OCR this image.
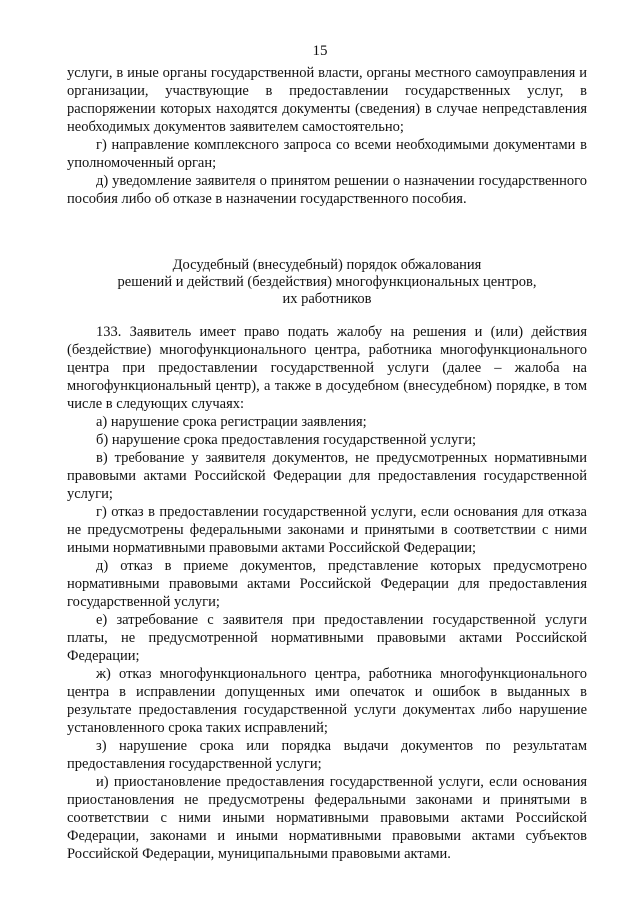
15

услуги, в иные органы государственной власти, органы местного самоуправления и организации, участвующие в предоставлении государственных услуг, в распоряжении которых находятся документы (сведения) в случае непредставления необходимых документов заявителем самостоятельно;

г) направление комплексного запроса со всеми необходимыми документами в уполномоченный орган;

д) уведомление заявителя о принятом решении о назначении государственного пособия либо об отказе в назначении государственного пособия.

Досудебный (внесудебный) порядок обжалования
решений и действий (бездействия) многофункциональных центров,
их работников

133. Заявитель имеет право подать жалобу на решения и (или) действия (бездействие) многофункционального центра, работника многофункционального центра при предоставлении государственной услуги (далее – жалоба на многофункциональный центр), а также в досудебном (внесудебном) порядке, в том числе в следующих случаях:

а) нарушение срока регистрации заявления;

б) нарушение срока предоставления государственной услуги;

в) требование у заявителя документов, не предусмотренных нормативными правовыми актами Российской Федерации для предоставления государственной услуги;

г) отказ в предоставлении государственной услуги, если основания для отказа не предусмотрены федеральными законами и принятыми в соответствии с ними иными нормативными правовыми актами Российской Федерации;

д) отказ в приеме документов, представление которых предусмотрено нормативными правовыми актами Российской Федерации для предоставления государственной услуги;

е) затребование с заявителя при предоставлении государственной услуги платы, не предусмотренной нормативными правовыми актами Российской Федерации;

ж) отказ многофункционального центра, работника многофункционального центра в исправлении допущенных ими опечаток и ошибок в выданных в результате предоставления государственной услуги документах либо нарушение установленного срока таких исправлений;

з) нарушение срока или порядка выдачи документов по результатам предоставления государственной услуги;

и) приостановление предоставления государственной услуги, если основания приостановления не предусмотрены федеральными законами и принятыми в соответствии с ними иными нормативными правовыми актами Российской Федерации, законами и иными нормативными правовыми актами субъектов Российской Федерации, муниципальными правовыми актами.
